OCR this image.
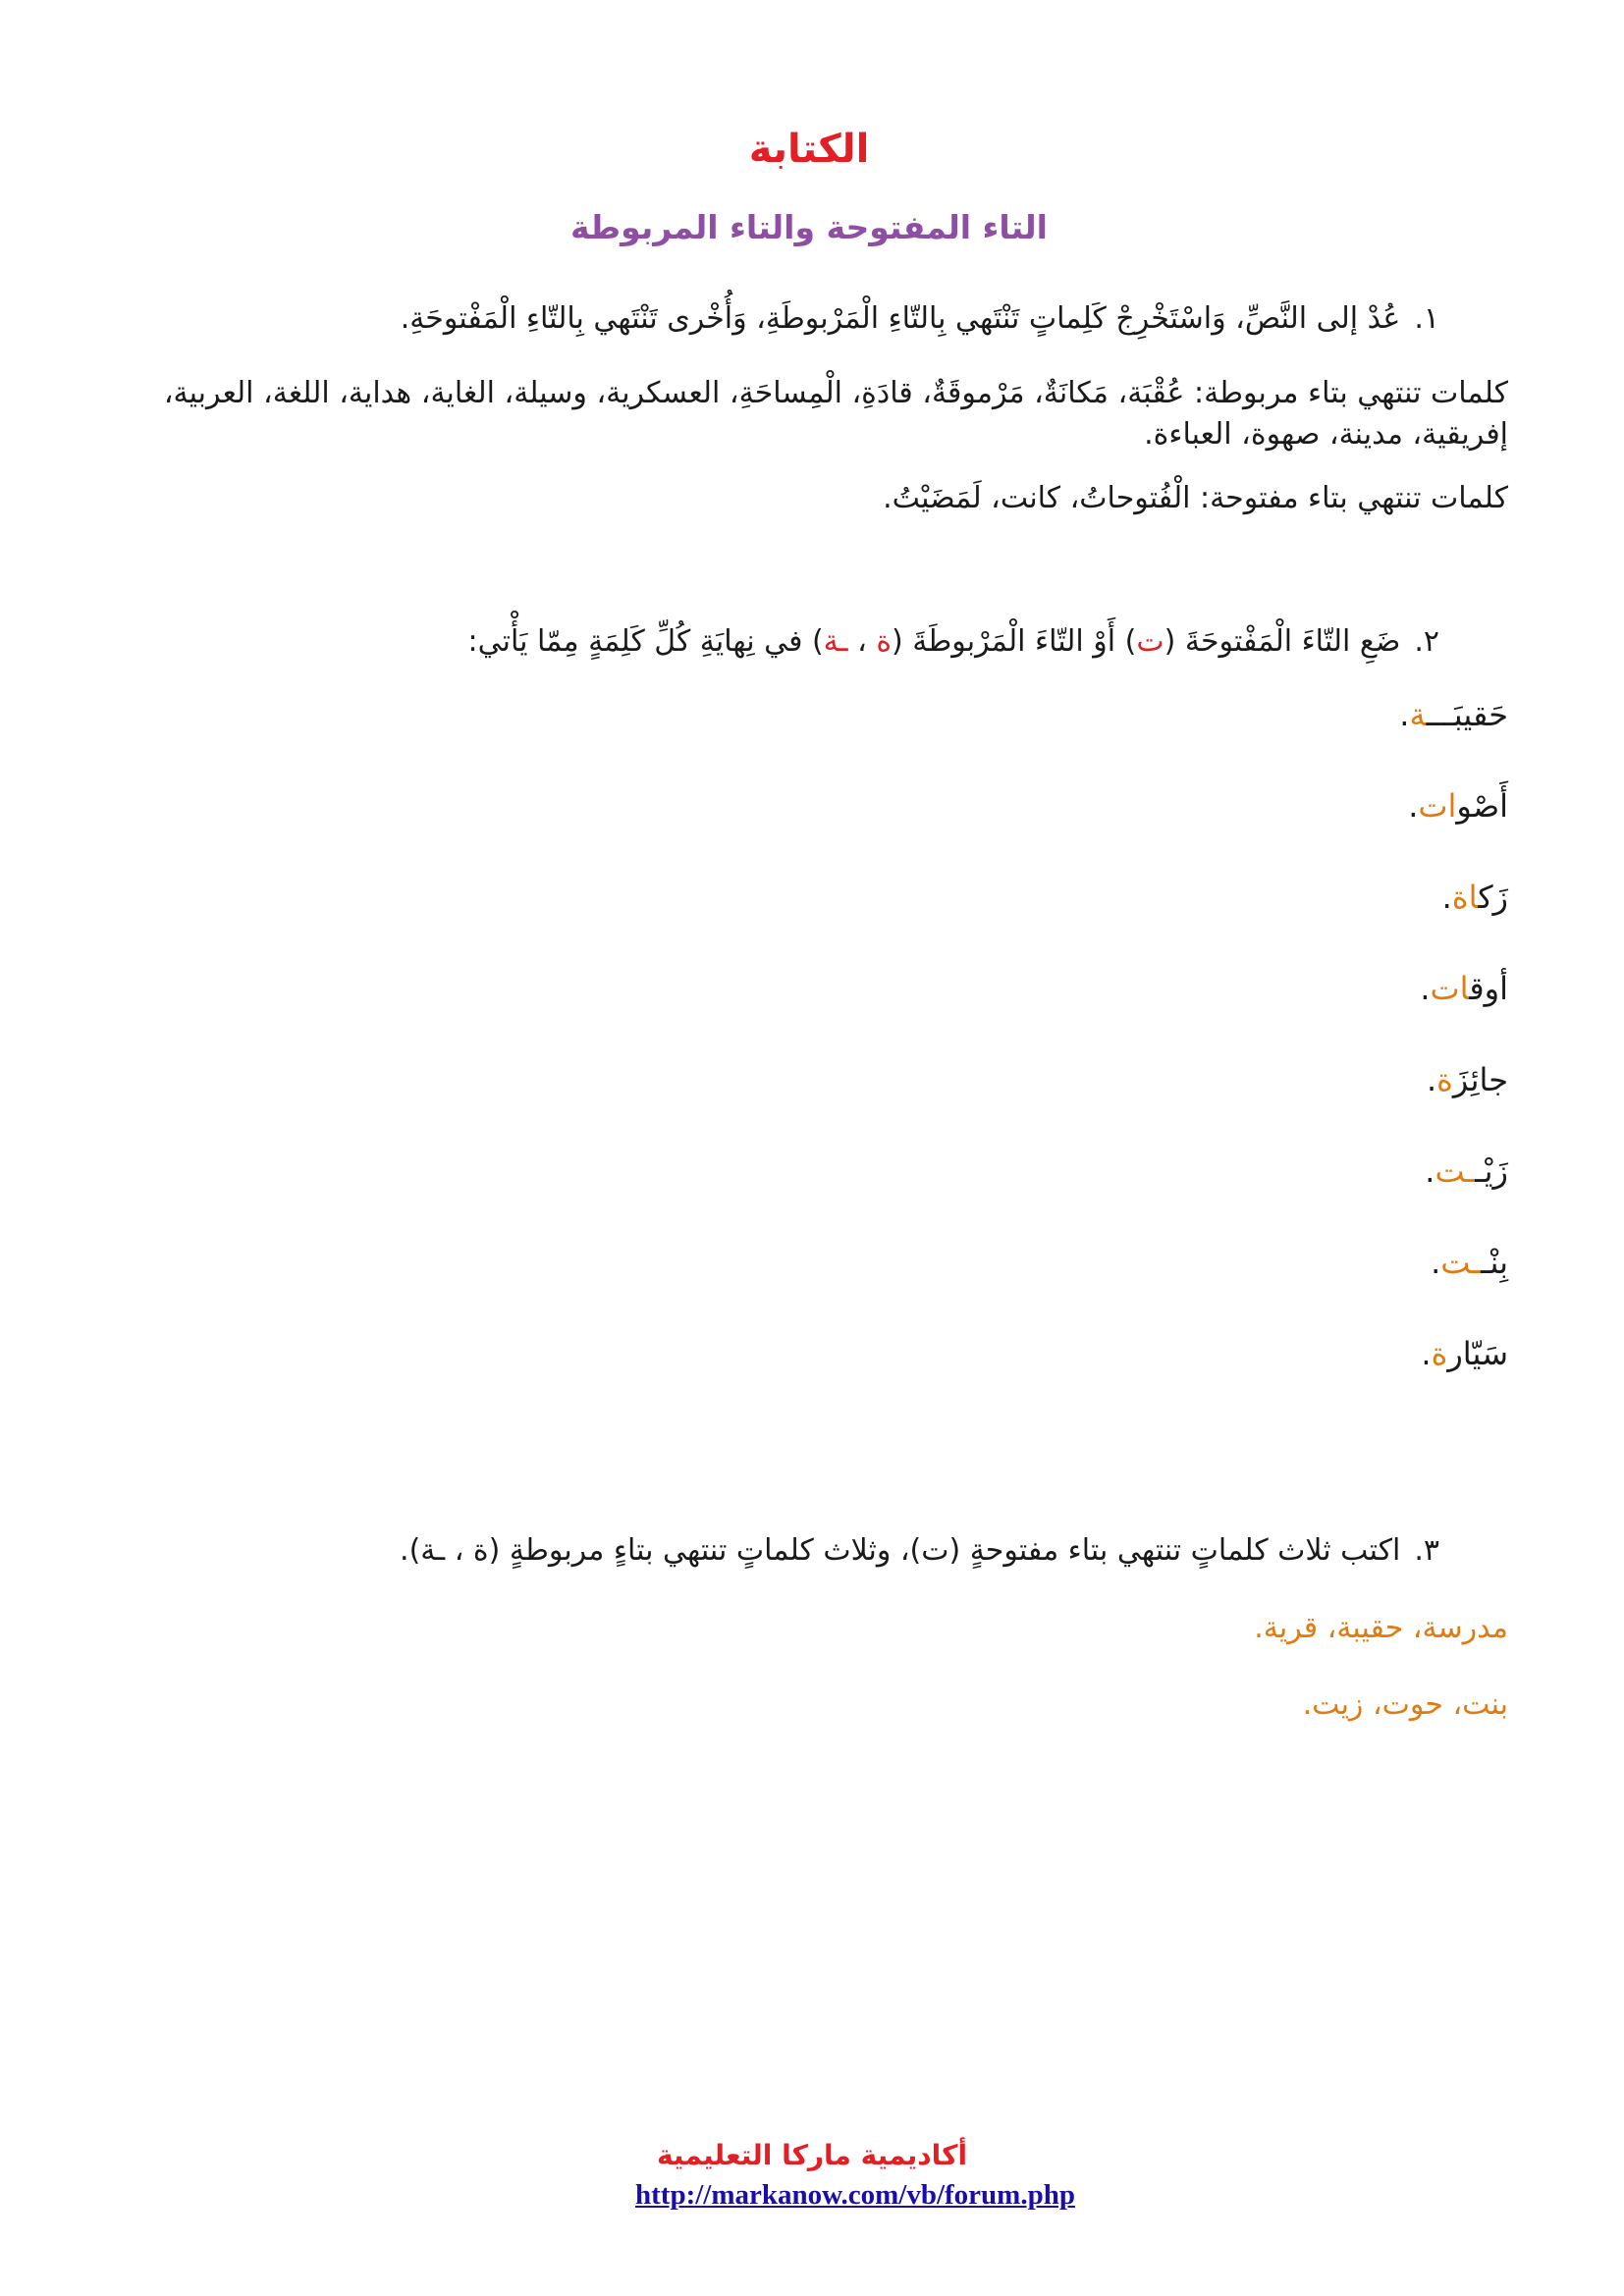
الكتابة
التاء المفتوحة والتاء المربوطة

١.عُدْ إلى النَّصِّ، وَاسْتَخْرِجْ كَلِماتٍ تَنْتَهي بِالتّاءِ الْمَرْبوطَةِ، وَأُخْرى تَنْتَهي بِالتّاءِ الْمَفْتوحَةِ.

كلمات تنتهي بتاء مربوطة: عُقْبَة، مَكانَةٌ، مَرْموقَةٌ، قادَةِ، الْمِساحَةِ، العسكرية، وسيلة، الغاية، هداية، اللغة، العربية، إفريقية، مدينة، صهوة، العباءة.

كلمات تنتهي بتاء مفتوحة: الْفُتوحاتُ، كانت، لَمَضَيْتُ.

٢.ضَعِ التّاءَ الْمَفْتوحَةَ (ت) أَوْ التّاءَ الْمَرْبوطَةَ (ة ، ـة) في نِهايَةِ كُلِّ كَلِمَةٍ مِمّا يَأْتي:

حَقيبَـــة.
أَصْوات.
زَكاة.
أوقات.
جائِزَة.
زَيْــت.
بِنْــت.
سَيّارة.

٣.اكتب ثلاث كلماتٍ تنتهي بتاء مفتوحةٍ (ت)، وثلاث كلماتٍ تنتهي بتاءٍ مربوطةٍ (ة ، ـة).

مدرسة، حقيبة، قرية.
بنت، حوت، زيت.
أكاديمية ماركا التعليمية
http://markanow.com/vb/forum.php
